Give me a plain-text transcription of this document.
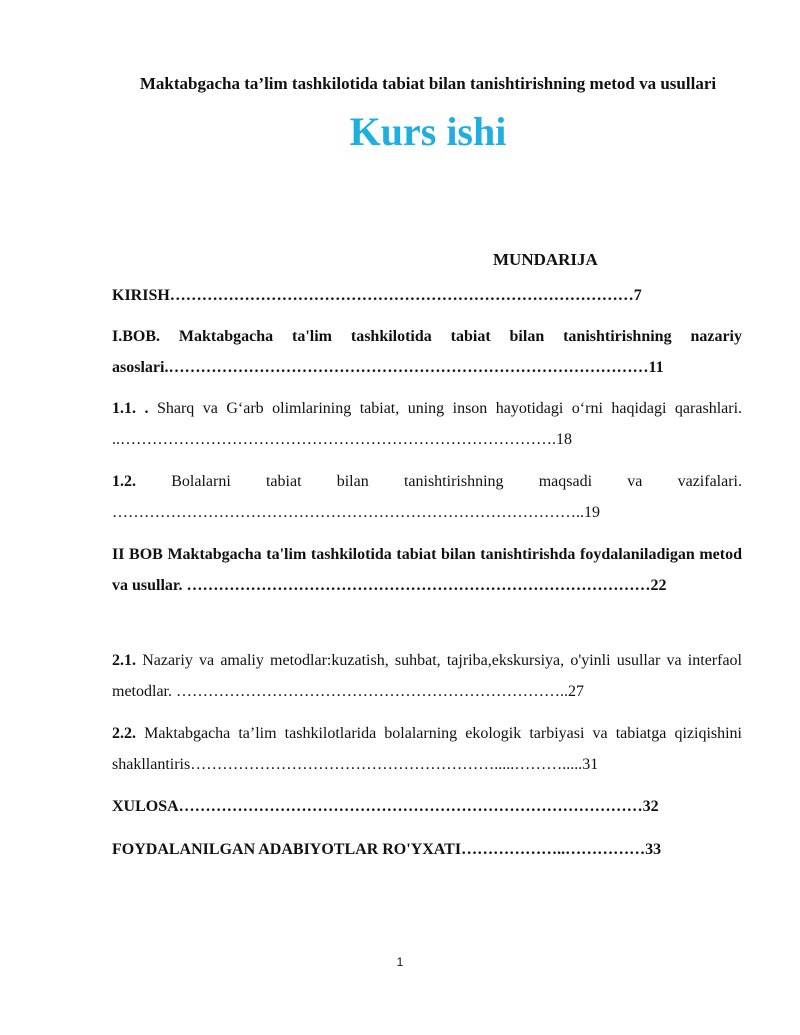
Maktabgacha ta’lim tashkilotida tabiat bilan tanishtirishning metod va usullari
Kurs ishi
MUNDARIJA
KIRISH……………………………………………………………………………7
I.BOB. Maktabgacha ta'lim tashkilotida tabiat bilan tanishtirishning nazariy asoslari.………………………………………………………………………………11
1.1. . Sharq va G‘arb olimlarining tabiat, uning inson hayotidagi o‘rni haqidagi qarashlari. ..……………………………………………………………………….18
1.2. Bolalarni tabiat bilan tanishtirishning maqsadi va vazifalari. ……………………………………………………………………………..19
II BOB Maktabgacha ta'lim tashkilotida tabiat bilan tanishtirishda foydalaniladigan metod va usullar. ……………………………………………………………………………22
2.1. Nazariy va amaliy metodlar:kuzatish, suhbat, tajriba,ekskursiya, o'yinli usullar va interfaol metodlar. ………………………………………………………………..27
2.2. Maktabgacha ta’lim tashkilotlarida bolalarning ekologik tarbiyasi va tabiatga qiziqishini shakllantiris………………………………………………….....……….....31
XULOSA……………………………………………………………………………32
FOYDALANILGAN ADABIYOTLAR RO'YXATI………………..……………33
1
